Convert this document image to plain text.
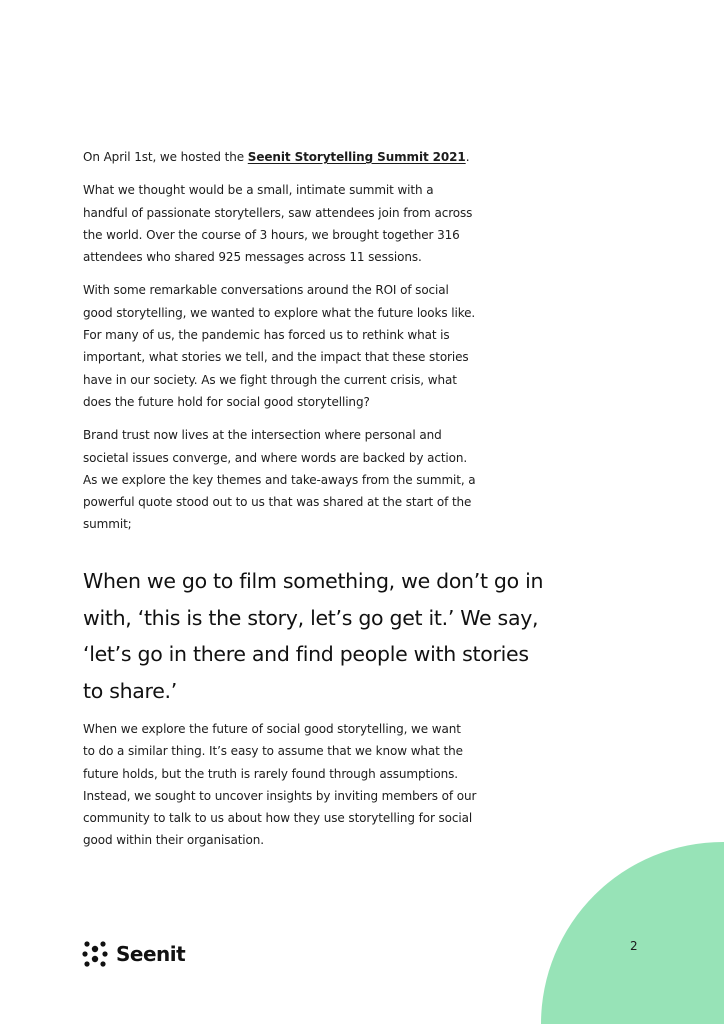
On April 1st, we hosted the Seenit Storytelling Summit 2021.

What we thought would be a small, intimate summit with a
handful of passionate storytellers, saw attendees join from across
the world. Over the course of 3 hours, we brought together 316
attendees who shared 925 messages across 11 sessions.

With some remarkable conversations around the ROI of social
good storytelling, we wanted to explore what the future looks like.
For many of us, the pandemic has forced us to rethink what is
important, what stories we tell, and the impact that these stories
have in our society. As we fight through the current crisis, what
does the future hold for social good storytelling?

Brand trust now lives at the intersection where personal and
societal issues converge, and where words are backed by action.
As we explore the key themes and take-aways from the summit, a
powerful quote stood out to us that was shared at the start of the
summit;

When we go to film something, we don’t go in
with, ‘this is the story, let’s go get it.’ We say,
‘let’s go in there and find people with stories
to share.’

When we explore the future of social good storytelling, we want
to do a similar thing. It’s easy to assume that we know what the
future holds, but the truth is rarely found through assumptions.
Instead, we sought to uncover insights by inviting members of our
community to talk to us about how they use storytelling for social
good within their organisation.

Seenit	2
